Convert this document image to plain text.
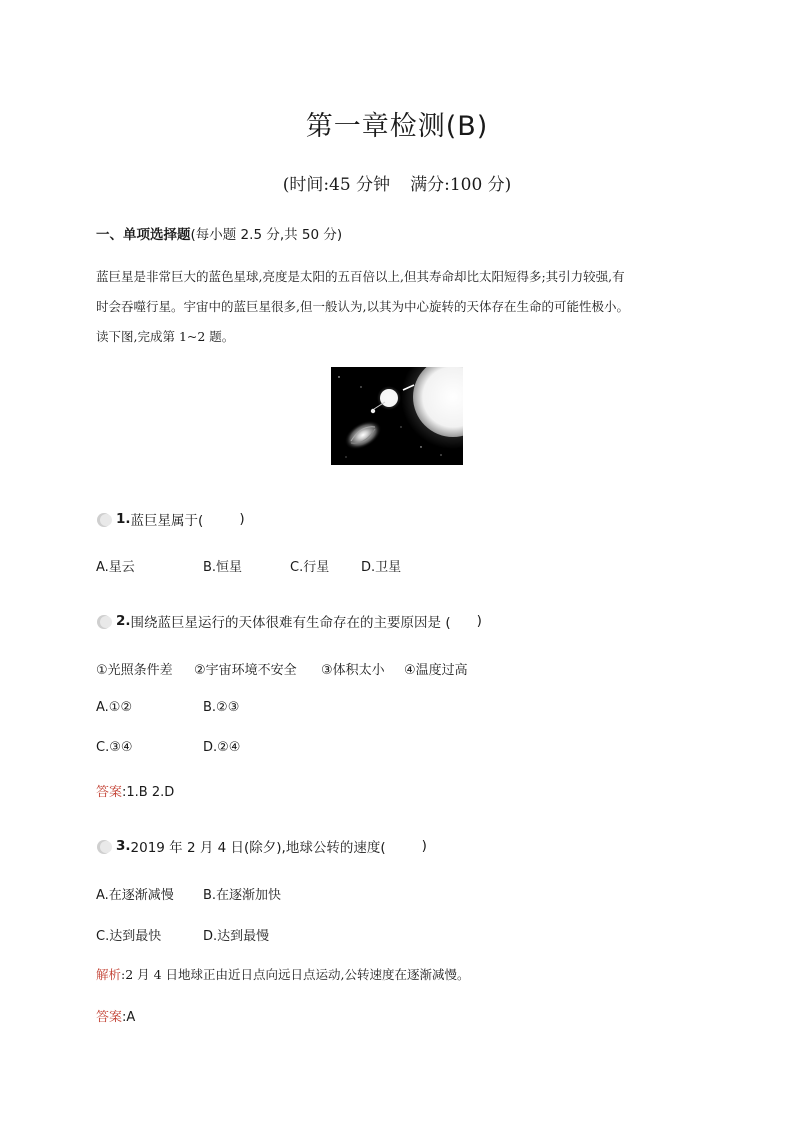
第一章检测(B)
(时间:45 分钟 满分:100 分)
一、单项选择题(每小题 2.5 分,共 50 分)
蓝巨星是非常巨大的蓝色星球,亮度是太阳的五百倍以上,但其寿命却比太阳短得多;其引力较强,有
时会吞噬行星。宇宙中的蓝巨星很多,但一般认为,以其为中心旋转的天体存在生命的可能性极小。
读下图,完成第 1~2 题。
1. 蓝巨星属于(	)
A.星云	B.恒星	C.行星 D.卫星
2. 围绕蓝巨星运行的天体很难有生命存在的主要原因是 ( )
①光照条件差 ②宇宙环境不安全 ③体积太小 ④温度过高
A.①②	B.②③
C.③④	D.②④
答案:1.B 2.D
3. 2019 年 2 月 4 日(除夕),地球公转的速度(	)
A.在逐渐减慢 B.在逐渐加快
C.达到最快	D.达到最慢
解析:2 月 4 日地球正由近日点向远日点运动,公转速度在逐渐减慢。
答案:A
